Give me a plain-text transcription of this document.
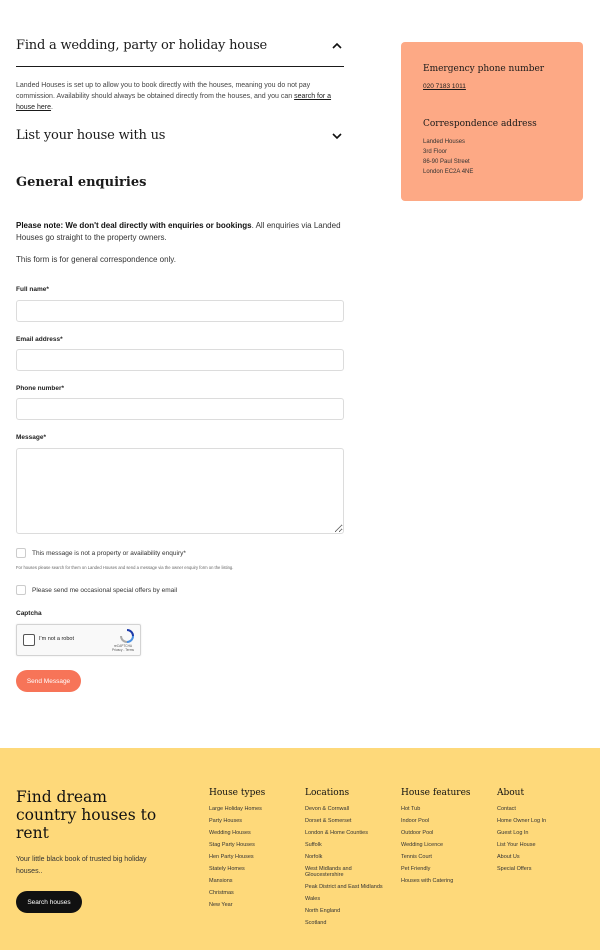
Find a wedding, party or holiday house
Landed Houses is set up to allow you to book directly with the houses, meaning you do not pay commission. Availability should always be obtained directly from the houses, and you can search for a house here.
List your house with us
General enquiries

Please note: We don't deal directly with enquiries or bookings. All enquiries via Landed Houses go straight to the property owners.

This form is for general correspondence only.

Full name*
Email address*
Phone number*
Message*
This message is not a property or availability enquiry*

For houses please search for them on Landed Houses and send a message via the owner enquiry form on the listing.

Please send me occasional special offers by email

Captcha

I'm not a robot
reCAPTCHA
Privacy - Terms
Send Message
Emergency phone number
020 7183 1011
Correspondence address
Landed Houses
3rd Floor
86-90 Paul Street
London EC2A 4NE
Find dream country houses to rent

Your little black book of trusted big holiday houses..

Search houses
House types
Large Holiday Homes
Party Houses
Wedding Houses
Stag Party Houses
Hen Party Houses
Stately Homes
Mansions
Christmas
New Year
Locations
Devon & Cornwall
Dorset & Somerset
London & Home Counties
Suffolk
Norfolk
West Midlands and Gloucestershire
Peak District and East Midlands
Wales
North England
Scotland
House features
Hot Tub
Indoor Pool
Outdoor Pool
Wedding Licence
Tennis Court
Pet Friendly
Houses with Catering
About
Contact
Home Owner Log In
Guest Log In
List Your House
About Us
Special Offers
